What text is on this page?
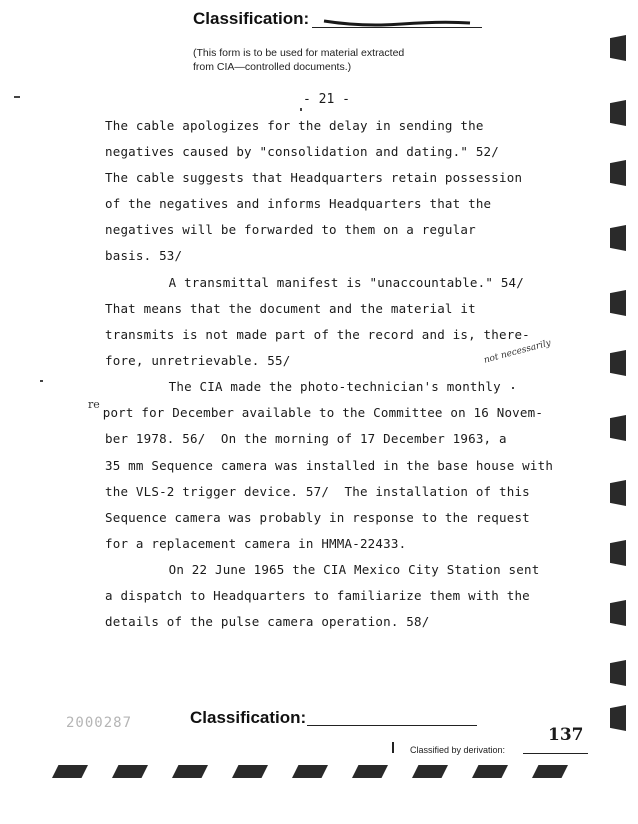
Classification:
(This form is to be used for material extracted
from CIA—controlled documents.)
- 21 -
The cable apologizes for the delay in sending the
negatives caused by "consolidation and dating." 52/
The cable suggests that Headquarters retain possession
of the negatives and informs Headquarters that the
negatives will be forwarded to them on a regular
basis. 53/
A transmittal manifest is "unaccountable." 54/
That means that the document and the material it
transmits is not made part of the record and is, there-
fore, unretrievable. 55/
The CIA made the photo-technician's monthly
port for December available to the Committee on 16 Novem-
ber 1978. 56/  On the morning of 17 December 1963, a
35 mm Sequence camera was installed in the base house with
the VLS-2 trigger device. 57/  The installation of this
Sequence camera was probably in response to the request
for a replacement camera in HMMA-22433.
On 22 June 1965 the CIA Mexico City Station sent
a dispatch to Headquarters to familiarize them with the
details of the pulse camera operation. 58/
not necessarily
re
2000287	Classification:
137
Classified by derivation:
